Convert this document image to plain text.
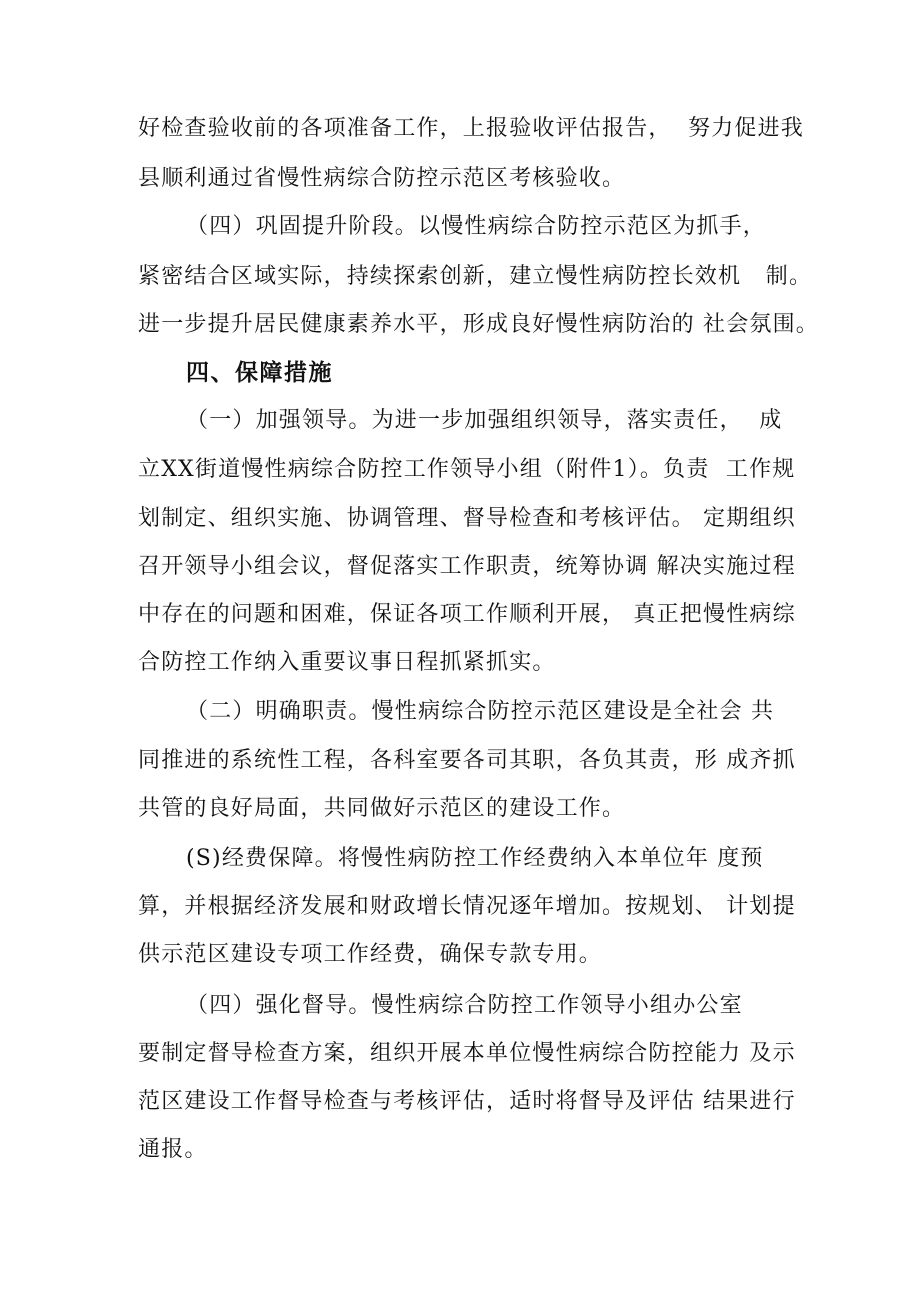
好检查验收前的各项准备工作，上报验收评估报告，  努力促进我
县顺利通过省慢性病综合防控示范区考核验收。
（四）巩固提升阶段。以慢性病综合防控示范区为抓手，
紧密结合区域实际，持续探索创新，建立慢性病防控长效机   制。
进一步提升居民健康素养水平，形成良好慢性病防治的 社会氛围。
四、保障措施
（一）加强领导。为进一步加强组织领导，落实责任，  成
立XX街道慢性病综合防控工作领导小组（附件1）。负责  工作规
划制定、组织实施、协调管理、督导检查和考核评估。 定期组织
召开领导小组会议，督促落实工作职责，统筹协调 解决实施过程
中存在的问题和困难，保证各项工作顺利开展， 真正把慢性病综
合防控工作纳入重要议事日程抓紧抓实。
（二）明确职责。慢性病综合防控示范区建设是全社会 共
同推进的系统性工程，各科室要各司其职，各负其责，形 成齐抓
共管的良好局面，共同做好示范区的建设工作。
(S)经费保障。将慢性病防控工作经费纳入本单位年 度预
算，并根据经济发展和财政增长情况逐年增加。按规划、 计划提
供示范区建设专项工作经费，确保专款专用。
（四）强化督导。慢性病综合防控工作领导小组办公室
要制定督导检查方案，组织开展本单位慢性病综合防控能力 及示
范区建设工作督导检查与考核评估，适时将督导及评估 结果进行
通报。
